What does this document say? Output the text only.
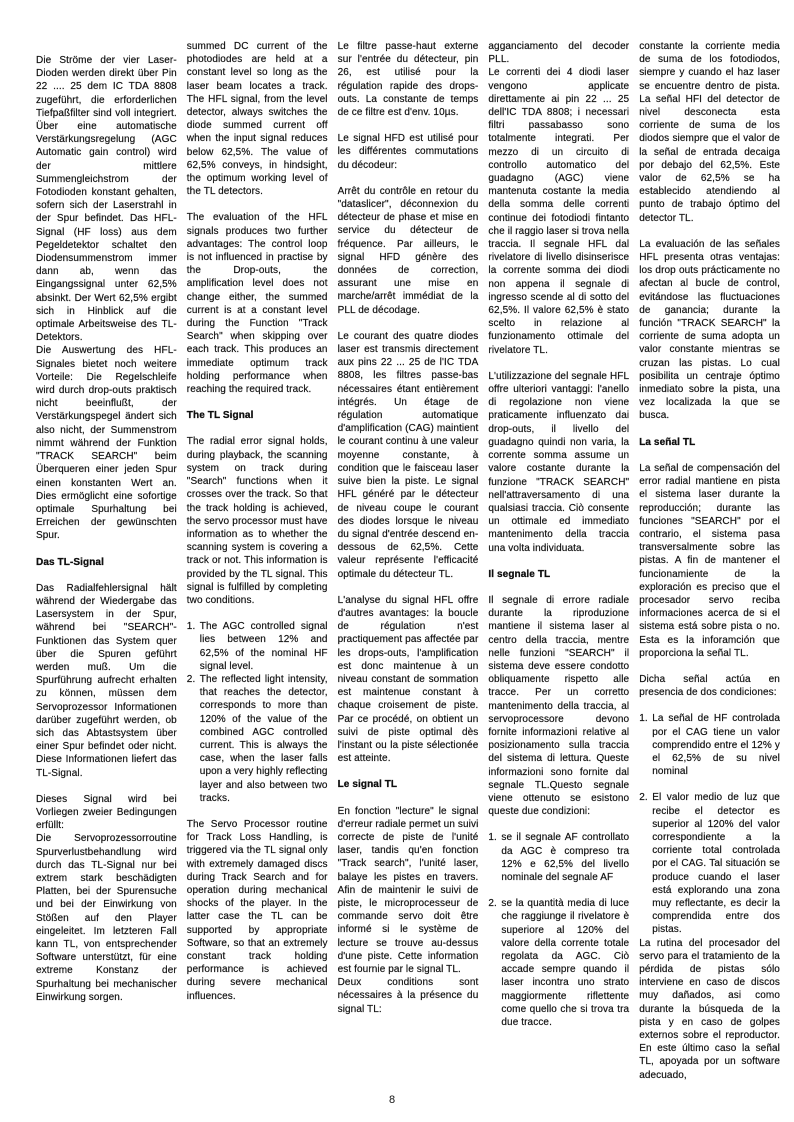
Die Ströme der vier Laser-Dioden werden direkt über Pin 22 .... 25 dem IC TDA 8808 zugeführt, die erforderlichen Tiefpaßfilter sind voll integriert. Über eine automatische Verstärkungsregelung (AGC Automatic gain control) wird der mittlere Summengleichstrom der Fotodioden konstant gehalten, sofern sich der Laserstrahl in der Spur befindet. Das HFL-Signal (HF loss) aus dem Pegeldetektor schaltet den Diodensummenstrom immer dann ab, wenn das Eingangssignal unter 62,5% absinkt. Der Wert 62,5% ergibt sich in Hinblick auf die optimale Arbeitsweise des TL-Detektors.

Die Auswertung des HFL-Signales bietet noch weitere Vorteile: Die Regelschleife wird durch drop-outs praktisch nicht beeinflußt, der Verstärkungspegel ändert sich also nicht, der Summenstrom nimmt während der Funktion "TRACK SEARCH" beim Überqueren einer jeden Spur einen konstanten Wert an. Dies ermöglicht eine sofortige optimale Spurhaltung bei Erreichen der gewünschten Spur.

Das TL-Signal

Das Radialfehlersignal hält während der Wiedergabe das Lasersystem in der Spur, während bei "SEARCH"-Funktionen das System quer über die Spuren geführt werden muß. Um die Spurführung aufrecht erhalten zu können, müssen dem Servoprozessor Informationen darüber zugeführt werden, ob sich das Abtastsystem über einer Spur befindet oder nicht. Diese Informationen liefert das TL-Signal.

Dieses Signal wird bei Vorliegen zweier Bedingungen erfüllt:

Die Servoprozessorroutine Spurverlustbehandlung wird durch das TL-Signal nur bei extrem stark beschädigten Platten, bei der Spurensuche und bei der Einwirkung von Stößen auf den Player eingeleitet. Im letzteren Fall kann TL, von entsprechender Software unterstützt, für eine extreme Konstanz der Spurhaltung bei mechanischer Einwirkung sorgen.

summed DC current of the photodiodes are held at a constant level so long as the laser beam locates a track. The HFL signal, from the level detector, always switches the diode summed current off when the input signal reduces below 62,5%. The value of 62,5% conveys, in hindsight, the optimum working level of the TL detectors.

The evaluation of the HFL signals produces two further advantages: The control loop is not influenced in practise by the Drop-outs, the amplification level does not change either, the summed current is at a constant level during the Function "Track Search" when skipping over each track. This produces an immediate optimum track holding performance when reaching the required track.

The TL Signal

The radial error signal holds, during playback, the scanning system on track during "Search" functions when it crosses over the track. So that the track holding is achieved, the servo processor must have information as to whether the scanning system is covering a track or not. This information is provided by the TL signal. This signal is fulfilled by completing two conditions.

1. The AGC controlled signal lies between 12% and 62,5% of the nominal HF signal level.
2. The reflected light intensity, that reaches the detector, corresponds to more than 120% of the value of the combined AGC controlled current. This is always the case, when the laser falls upon a very highly reflecting layer and also between two tracks.

The Servo Processor routine for Track Loss Handling, is triggered via the TL signal only with extremely damaged discs during Track Search and for operation during mechanical shocks of the player. In the latter case the TL can be supported by appropriate Software, so that an extremely constant track holding performance is achieved during severe mechanical influences.

Le filtre passe-haut externe sur l'entrée du détecteur, pin 26, est utilisé pour la régulation rapide des drops-outs. La constante de temps de ce filtre est d'env. 10µs.

Le signal HFD est utilisé pour les différentes commutations du décodeur:

Arrêt du contrôle en retour du "dataslicer", déconnexion du détecteur de phase et mise en service du détecteur de fréquence. Par ailleurs, le signal HFD génère des données de correction, assurant une mise en marche/arrêt immédiat de la PLL de décodage.

Le courant des quatre diodes laser est transmis directement aux pins 22 ... 25 de l'IC TDA 8808, les filtres passe-bas nécessaires étant entièrement intégrés. Un étage de régulation automatique d'amplification (CAG) maintient le courant continu à une valeur moyenne constante, à condition que le faisceau laser suive bien la piste. Le signal HFL généré par le détecteur de niveau coupe le courant des diodes lorsque le niveau du signal d'entrée descend en-dessous de 62,5%. Cette valeur représente l'efficacité optimale du détecteur TL.

L'analyse du signal HFL offre d'autres avantages: la boucle de régulation n'est practiquement pas affectée par les drops-outs, l'amplification est donc maintenue à un niveau constant de sommation est maintenue constant à chaque croisement de piste. Par ce procédé, on obtient un suivi de piste optimal dès l'instant ou la piste sélectionée est atteinte.

Le signal TL

En fonction "lecture" le signal d'erreur radiale permet un suivi correcte de piste de l'unité laser, tandis qu'en fonction "Track search", l'unité laser, balaye les pistes en travers. Afin de maintenir le suivi de piste, le microprocesseur de commande servo doit être informé si le système de lecture se trouve au-dessus d'une piste. Cette information est fournie par le signal TL.

Deux conditions sont nécessaires à la présence du signal TL:

agganciamento del decoder PLL.

Le correnti dei 4 diodi laser vengono applicate direttamente ai pin 22 ... 25 dell'IC TDA 8808; i necessari filtri passabasso sono totalmente integrati. Per mezzo di un circuito di controllo automatico del guadagno (AGC) viene mantenuta costante la media della somma delle correnti continue dei fotodiodi fintanto che il raggio laser si trova nella traccia. Il segnale HFL dal rivelatore di livello disinserisce la corrente somma dei diodi non appena il segnale di ingresso scende al di sotto del 62,5%. Il valore 62,5% è stato scelto in relazione al funzionamento ottimale del rivelatore TL.

L'utilizzazione del segnale HFL offre ulteriori vantaggi: l'anello di regolazione non viene praticamente influenzato dai drop-outs, il livello del guadagno quindi non varia, la corrente somma assume un valore costante durante la funzione "TRACK SEARCH" nell'attraversamento di una qualsiasi traccia. Ciò consente un ottimale ed immediato mantenimento della traccia una volta individuata.

Il segnale TL

Il segnale di errore radiale durante la riproduzione mantiene il sistema laser al centro della traccia, mentre nelle funzioni "SEARCH" il sistema deve essere condotto obliquamente rispetto alle tracce. Per un corretto mantenimento della traccia, al servoprocessore devono fornite informazioni relative al posizionamento sulla traccia del sistema di lettura. Queste informazioni sono fornite dal segnale TL.Questo segnale viene ottenuto se esistono queste due condizioni:

1. se il segnale AF controllato da AGC è compreso tra 12% e 62,5% del livello nominale del segnale AF
2. se la quantità media di luce che raggiunge il rivelatore è superiore al 120% del valore della corrente totale regolata da AGC. Ciò accade sempre quando il laser incontra uno strato maggiormente riflettente come quello che si trova tra due tracce.

constante la corriente media de suma de los fotodiodos, siempre y cuando el haz laser se encuentre dentro de pista. La señal HFI del detector de nivel desconecta esta corriente de suma de los diodos siempre que el valor de la señal de entrada decaiga por debajo del 62,5%. Este valor de 62,5% se ha establecido atendiendo al punto de trabajo óptimo del detector TL.

La evaluación de las señales HFL presenta otras ventajas: los drop outs prácticamente no afectan al bucle de control, evitándose las fluctuaciones de ganancia; durante la función "TRACK SEARCH" la corriente de suma adopta un valor constante mientras se cruzan las pistas. Lo cual posibilita un centraje óptimo inmediato sobre la pista, una vez localizada la que se busca.

La señal TL

La señal de compensación del error radial mantiene en pista el sistema laser durante la reproducción; durante las funciones "SEARCH" por el contrario, el sistema pasa transversalmente sobre las pistas. A fin de mantener el funcionamiente de la exploración es preciso que el procesador servo reciba informaciones acerca de si el sistema está sobre pista o no. Esta es la inforamción que proporciona la señal TL.

Dicha señal actúa en presencia de dos condiciones:

1. La señal de HF controlada por el CAG tiene un valor comprendido entre el 12% y el 62,5% de su nivel nominal
2. El valor medio de luz que recibe el detector es superior al 120% del valor correspondiente a la corriente total controlada por el CAG. Tal situación se produce cuando el laser está explorando una zona muy reflectante, es decir la comprendida entre dos pistas.

La rutina del procesador del servo para el tratamiento de la pérdida de pistas sólo interviene en caso de discos muy dañados, asi como durante la búsqueda de la pista y en caso de golpes externos sobre el reproductor. En este último caso la señal TL, apoyada por un software adecuado,

8
